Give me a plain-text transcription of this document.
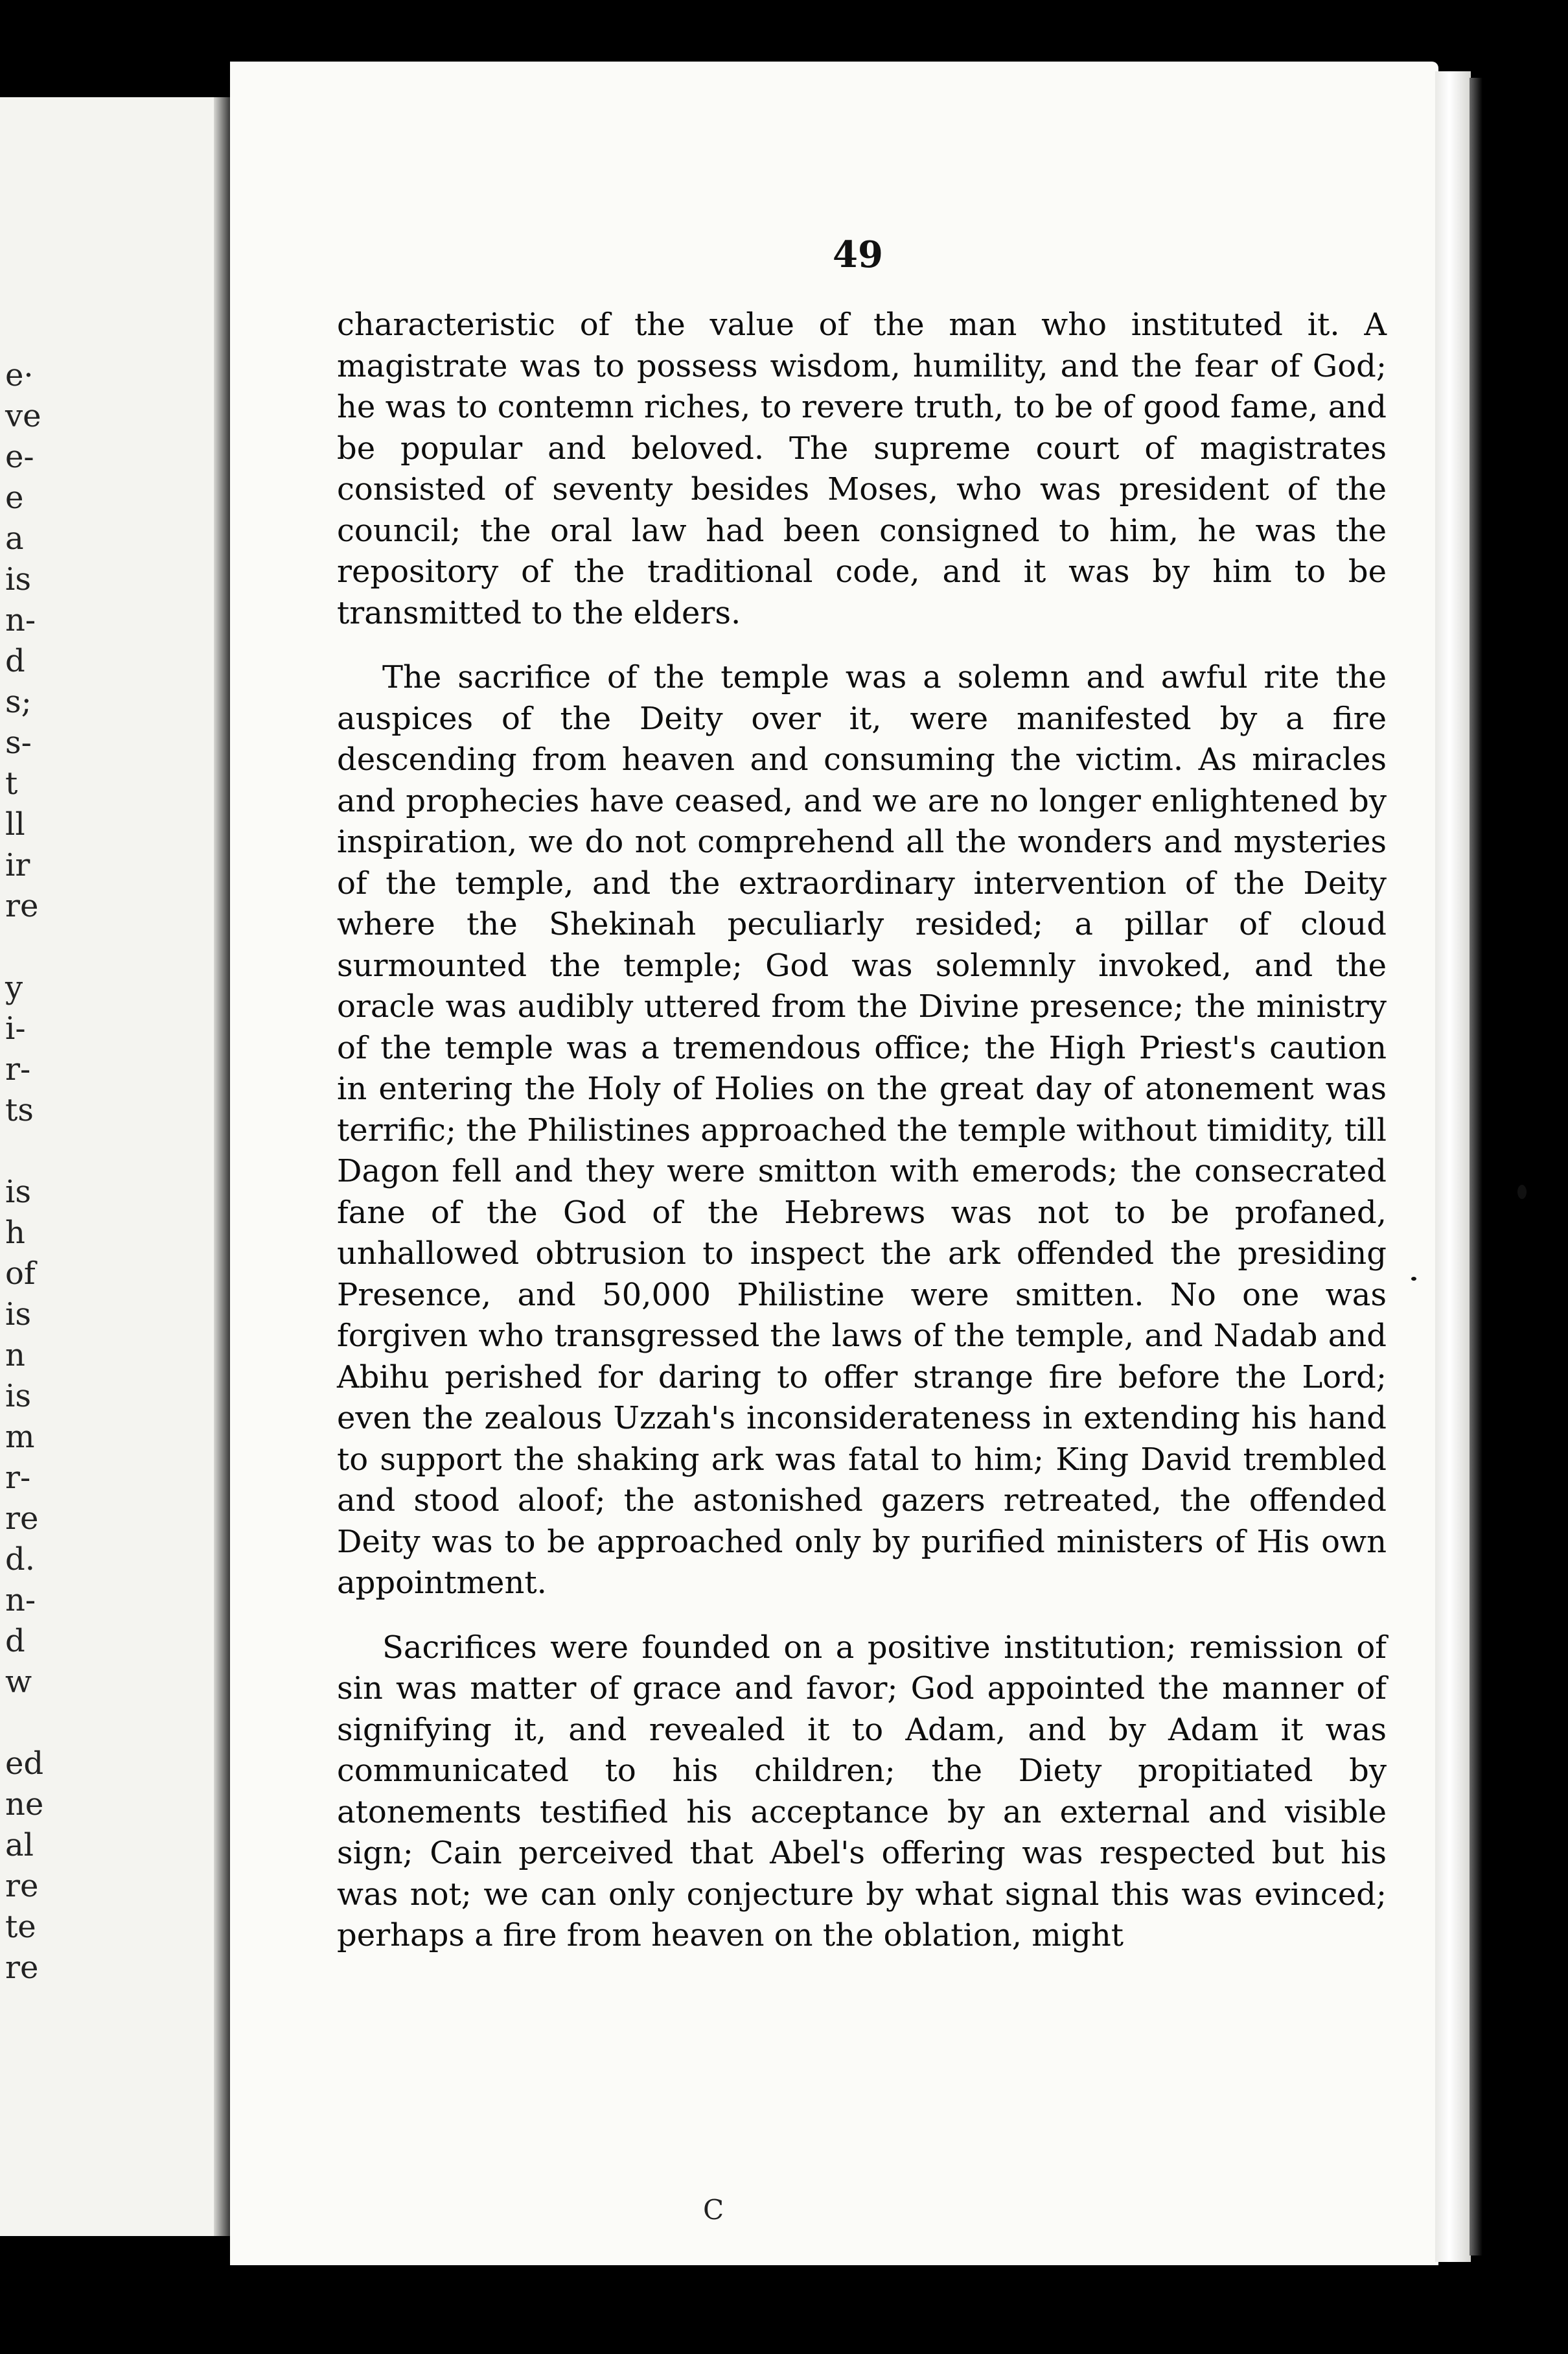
e·
ve
e-
e
a
is
n-
d
s;
s-
t
ll
ir
re
y
i-
r-
ts
is
h
of
is
n
is
m
r-
re
d.
n-
d
w
ed
ne
al
re
te
re
49

characteristic of the value of the man who instituted it. A magistrate was to possess wisdom, humility, and the fear of God; he was to contemn riches, to revere truth, to be of good fame, and be popular and beloved. The supreme court of magistrates consisted of seventy besides Moses, who was president of the council; the oral law had been consigned to him, he was the repository of the traditional code, and it was by him to be transmitted to the elders.

The sacrifice of the temple was a solemn and awful rite the auspices of the Deity over it, were manifested by a fire descending from heaven and consuming the victim. As miracles and prophecies have ceased, and we are no longer enlightened by inspiration, we do not comprehend all the wonders and mysteries of the temple, and the extraordinary intervention of the Deity where the Shekinah peculiarly resided; a pillar of cloud surmounted the temple; God was solemnly invoked, and the oracle was audibly uttered from the Divine presence; the ministry of the temple was a tremendous office; the High Priest's caution in entering the Holy of Holies on the great day of atonement was terrific; the Philistines approached the temple without timidity, till Dagon fell and they were smitton with emerods; the consecrated fane of the God of the Hebrews was not to be profaned, unhallowed obtrusion to inspect the ark offended the presiding Presence, and 50,000 Philistine were smitten. No one was forgiven who transgressed the laws of the temple, and Nadab and Abihu perished for daring to offer strange fire before the Lord; even the zealous Uzzah's inconsiderateness in extending his hand to support the shaking ark was fatal to him; King David trembled and stood aloof; the astonished gazers retreated, the offended Deity was to be approached only by purified ministers of His own appointment.

Sacrifices were founded on a positive institution; remission of sin was matter of grace and favor; God appointed the manner of signifying it, and revealed it to Adam, and by Adam it was communicated to his children; the Diety propitiated by atonements testified his acceptance by an external and visible sign; Cain perceived that Abel's offering was respected but his was not; we can only conjecture by what signal this was evinced; perhaps a fire from heaven on the oblation, might

C
